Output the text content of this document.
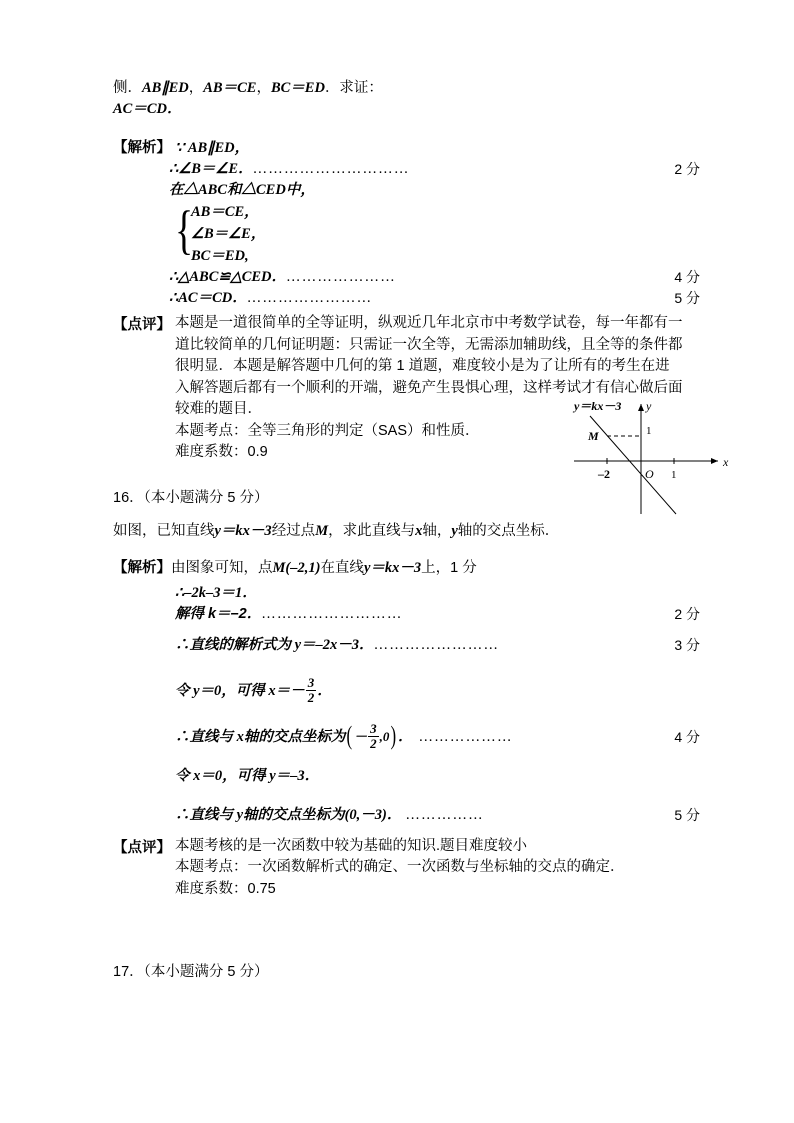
侧．AB∥ED，AB＝CE，BC＝ED．求证：
AC＝CD．
【解析】 ∵ AB∥ED，
∴∠B＝∠E．…………………………	2 分
在△ABC和△CED中，
{
AB＝CE，
∠B＝∠E，
BC＝ED,
∴△ABC≌△CED．…………………	4 分
∴AC＝CD．……………………	5 分
【点评】 本题是一道很简单的全等证明，纵观近几年北京市中考数学试卷，每一年都有一道比较简单的几何证明题：只需证一次全等，无需添加辅助线，且全等的条件都很明显．本题是解答题中几何的第 1 道题，难度较小是为了让所有的考生在进入解答题后都有一个顺利的开端，避免产生畏惧心理，这样考试才有信心做后面较难的题目．
本题考点：全等三角形的判定（SAS）和性质．
难度系数：0.9
16．（本小题满分 5 分）
如图，已知直线y＝kx－3经过点M，求此直线与x轴，y轴的交点坐标．
【解析】由图象可知，点M(–2,1)在直线y＝kx－3上，1 分
∴–2k–3＝1．
解得 k＝–2．………………………	2 分
∴直线的解析式为 y＝–2x－3．……………………	3 分
令 y＝0，可得 $x=- \frac{3}{2}$ ．
∴直线与 x轴的交点坐标为( － $\frac{3}{2} ,0$) ． ………………	4 分
令 x＝0，可得 y＝–3．
∴直线与 y轴的交点坐标为(0,－3)． ……………	5 分
【点评】 本题考核的是一次函数中较为基础的知识.题目难度较小
本题考点：一次函数解析式的确定、一次函数与坐标轴的交点的确定．
难度系数：0.75
17．（本小题满分 5 分）
y＝kx－3 y
x
M	1
–2	O 1
